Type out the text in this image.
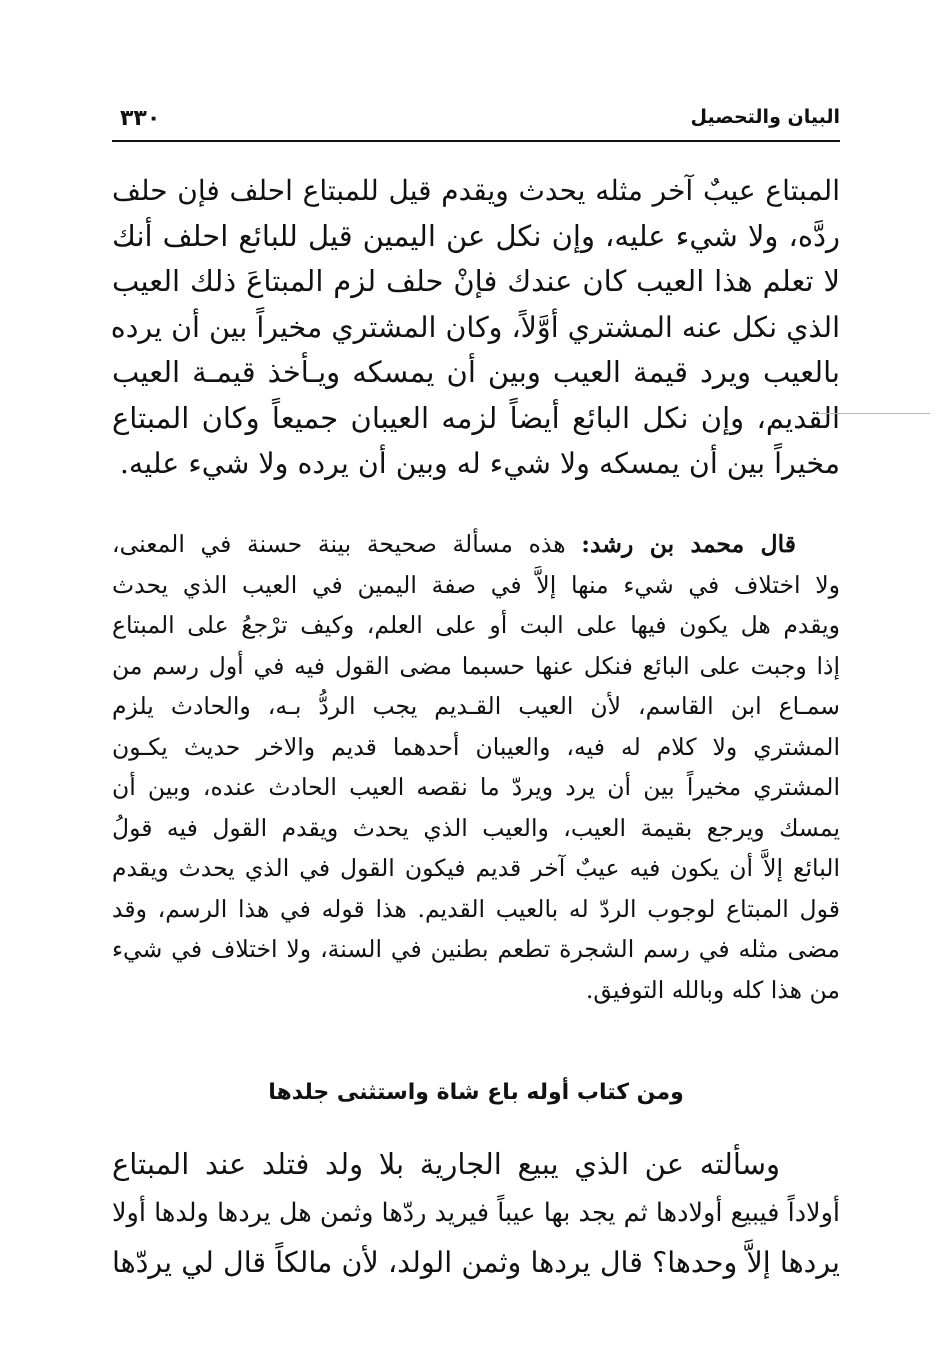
٣٣٠	البيان والتحصيل
المبتاع عيبٌ آخر مثله يحدث ويقدم قيل للمبتاع احلف فإن حلف
ردَّه، ولا شيء عليه، وإن نكل عن اليمين قيل للبائع احلف أنك
لا تعلم هذا العيب كان عندك فإنْ حلف لزم المبتاعَ ذلك العيب
الذي نكل عنه المشتري أوَّلاً، وكان المشتري مخيراً بين أن يرده
بالعيب ويرد قيمة العيب وبين أن يمسكه ويـأخذ قيمـة العيب
القديم، وإن نكل البائع أيضاً لزمه العيبان جميعاً وكان المبتاع
مخيراً بين أن يمسكه ولا شيء له وبين أن يرده ولا شيء عليه.
قال محمد بن رشد: هذه مسألة صحيحة بينة حسنة في المعنى،
ولا اختلاف في شيء منها إلاَّ في صفة اليمين في العيب الذي يحدث
ويقدم هل يكون فيها على البت أو على العلم، وكيف ترْجعُ على المبتاع
إذا وجبت على البائع فنكل عنها حسبما مضى القول فيه في أول رسم من
سمـاع ابن القاسم، لأن العيب القـديم يجب الردُّ بـه، والحادث يلزم
المشتري ولا كلام له فيه، والعيبان أحدهما قديم والاخر حديث يكـون
المشتري مخيراً بين أن يرد ويردّ ما نقصه العيب الحادث عنده، وبين أن
يمسك ويرجع بقيمة العيب، والعيب الذي يحدث ويقدم القول فيه قولُ
البائع إلاَّ أن يكون فيه عيبٌ آخر قديم فيكون القول في الذي يحدث ويقدم
قول المبتاع لوجوب الردّ له بالعيب القديم. هذا قوله في هذا الرسم، وقد
مضى مثله في رسم الشجرة تطعم بطنين في السنة، ولا اختلاف في شيء
من هذا كله وبالله التوفيق.
ومن كتاب أوله باع شاة واستثنى جلدها
وسألته عن الذي يبيع الجارية بلا ولد فتلد عند المبتاع
أولاداً فيبيع أولادها ثم يجد بها عيباً فيريد ردّها وثمن هل يردها ولدها أولا
يردها إلاَّ وحدها؟ قال يردها وثمن الولد، لأن مالكاً قال لي يردّها
